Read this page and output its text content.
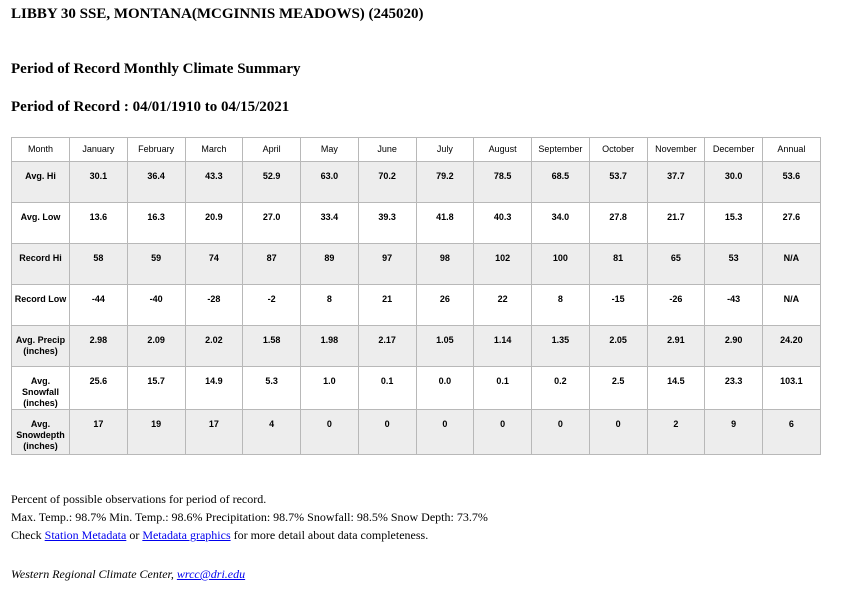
LIBBY 30 SSE, MONTANA(MCGINNIS MEADOWS) (245020)
Period of Record Monthly Climate Summary
Period of Record : 04/01/1910 to 04/15/2021
Month	January	February	March	April	May	June	July	August	September	October	November	December	Annual
Avg. Hi	30.1	36.4	43.3	52.9	63.0	70.2	79.2	78.5	68.5	53.7	37.7	30.0	53.6
Avg. Low	13.6	16.3	20.9	27.0	33.4	39.3	41.8	40.3	34.0	27.8	21.7	15.3	27.6
Record Hi	58	59	74	87	89	97	98	102	100	81	65	53	N/A
Record Low	-44	-40	-28	-2	8	21	26	22	8	-15	-26	-43	N/A
Avg. Precip (inches)	2.98	2.09	2.02	1.58	1.98	2.17	1.05	1.14	1.35	2.05	2.91	2.90	24.20
Avg. Snowfall (inches)	25.6	15.7	14.9	5.3	1.0	0.1	0.0	0.1	0.2	2.5	14.5	23.3	103.1
Avg. Snowdepth (inches)	17	19	17	4	0	0	0	0	0	0	2	9	6
Percent of possible observations for period of record.
Max. Temp.: 98.7% Min. Temp.: 98.6% Precipitation: 98.7% Snowfall: 98.5% Snow Depth: 73.7%
Check Station Metadata or Metadata graphics for more detail about data completeness.
Western Regional Climate Center, wrcc@dri.edu
